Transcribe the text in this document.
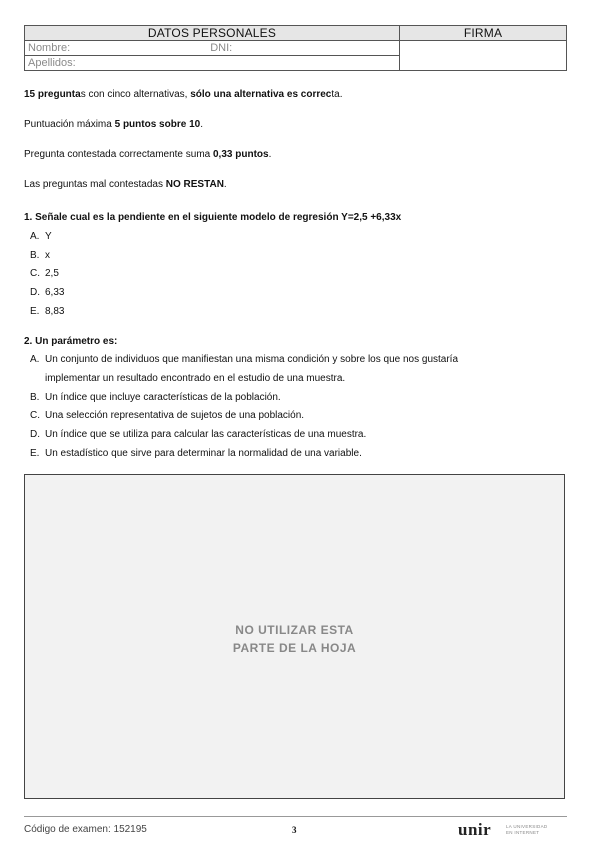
DATOS PERSONALES	FIRMA
Nombre: DNI:	
Apellidos:	
15 preguntas con cinco alternativas, sólo una alternativa es correcta.
Puntuación máxima 5 puntos sobre 10.
Pregunta contestada correctamente suma 0,33 puntos.
Las preguntas mal contestadas NO RESTAN.
1. Señale cual es la pendiente en el siguiente modelo de regresión Y=2,5 +6,33x
A. Y
B. x
C. 2,5
D. 6,33
E. 8,83
2. Un parámetro es:
A. Un conjunto de individuos que manifiestan una misma condición y sobre los que nos gustaría
implementar un resultado encontrado en el estudio de una muestra.
B. Un índice que incluye características de la población.
C. Una selección representativa de sujetos de una población.
D. Un índice que se utiliza para calcular las características de una muestra.
E. Un estadístico que sirve para determinar la normalidad de una variable.
NO UTILIZAR ESTA
PARTE DE LA HOJA
Código de examen: 152195	3	unir	LA UNIVERSIDAD
EN INTERNET
